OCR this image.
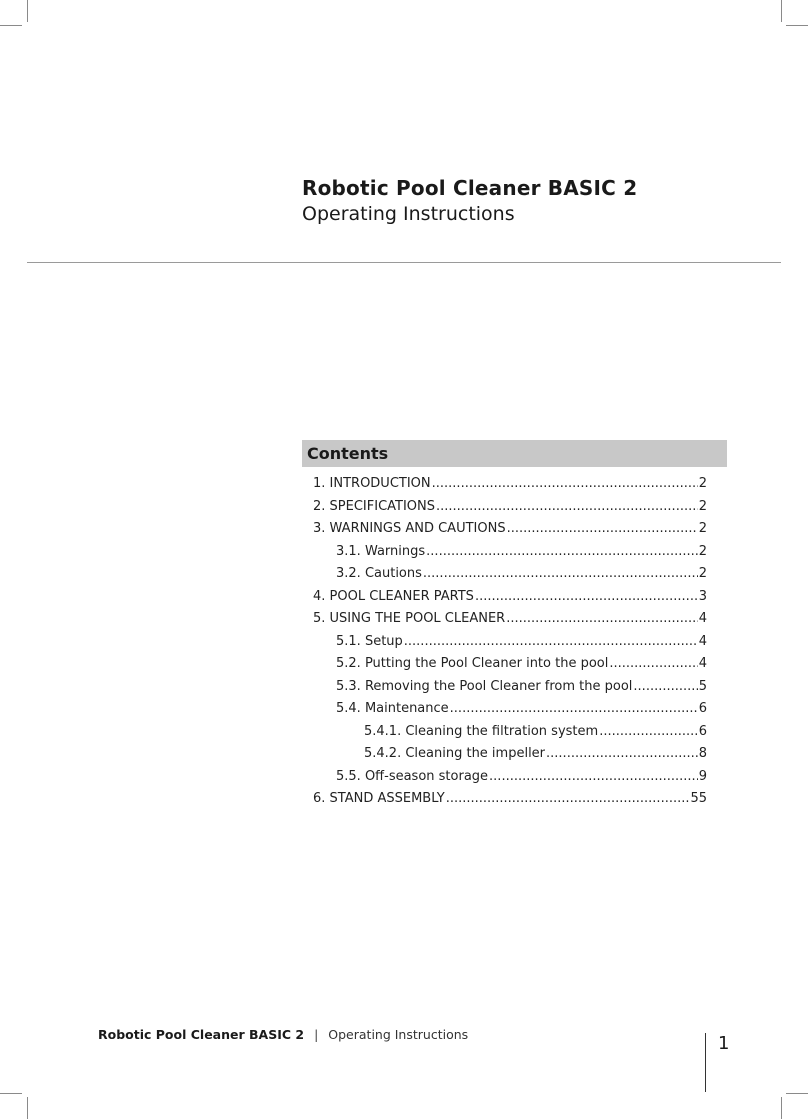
Robotic Pool Cleaner BASIC 2
Operating Instructions
Contents
1. INTRODUCTION .....	2
2. SPECIFICATIONS .....	2
3. WARNINGS AND CAUTIONS .....	2
3.1. Warnings .....	2
3.2. Cautions .....	2
4. POOL CLEANER PARTS .....	3
5. USING THE POOL CLEANER .....	4
5.1. Setup .....	4
5.2. Putting the Pool Cleaner into the pool .....	4
5.3. Removing the Pool Cleaner from the pool .....	5
5.4. Maintenance .....	6
5.4.1. Cleaning the filtration system .....	6
5.4.2. Cleaning the impeller .....	8
5.5. Off-season storage .....	9
6. STAND ASSEMBLY .....	55
Robotic Pool Cleaner BASIC 2 | Operating Instructions	1
